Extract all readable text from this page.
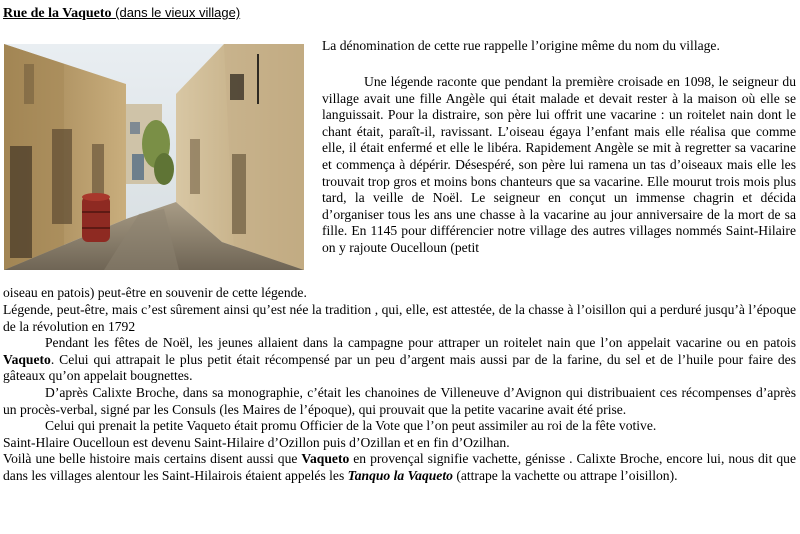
Rue de la Vaqueto (dans le vieux village)
La dénomination de cette rue rappelle l’origine même du nom du village.

Une légende raconte que pendant la première croisade en 1098, le seigneur du village avait une fille Angèle qui était malade et devait rester à la maison où elle se languissait. Pour la distraire, son père lui offrit une vacarine : un roitelet nain dont le chant était, paraît-il, ravissant. L’oiseau égaya l’enfant mais elle réalisa que comme elle, il était enfermé et elle le libéra. Rapidement Angèle se mit à regretter sa vacarine et commença à dépérir. Désespéré, son père lui ramena un tas d’oiseaux mais elle les trouvait trop gros et moins bons chanteurs que sa vacarine. Elle mourut trois mois plus tard, la veille de Noël. Le seigneur en conçut un immense chagrin et décida d’organiser tous les ans une chasse à la vacarine au jour anniversaire de la mort de sa fille. En 1145 pour différencier notre village des autres villages nommés Saint-Hilaire on y rajoute Oucelloun (petit

oiseau en patois) peut-être en souvenir de cette légende.

Légende, peut-être, mais c’est sûrement ainsi qu’est née la tradition , qui, elle, est attestée, de la chasse à l’oisillon qui a perduré jusqu’à l’époque de la révolution en 1792

Pendant les fêtes de Noël, les jeunes allaient dans la campagne pour attraper un roitelet nain que l’on appelait vacarine ou en patois Vaqueto. Celui qui attrapait le plus petit était récompensé par un peu d’argent mais aussi par de la farine, du sel et de l’huile pour faire des gâteaux qu’on appelait bougnettes.

D’après Calixte Broche, dans sa monographie, c’était les chanoines de Villeneuve d’Avignon qui distribuaient ces récompenses d’après un procès-verbal, signé par les Consuls (les Maires de l’époque), qui prouvait que la petite vacarine avait été prise.

Celui qui prenait la petite Vaqueto était promu Officier de la Vote que l’on peut assimiler au roi de la fête votive.

Saint-Hlaire Oucelloun est devenu Saint-Hilaire d’Ozillon puis d’Ozillan et en fin d’Ozilhan.

Voilà une belle histoire mais certains disent aussi que Vaqueto en provençal signifie vachette, génisse . Calixte Broche, encore lui, nous dit que dans les villages alentour les Saint-Hilairois étaient appelés les Tanquo la Vaqueto (attrape la vachette ou attrape l’oisillon).
